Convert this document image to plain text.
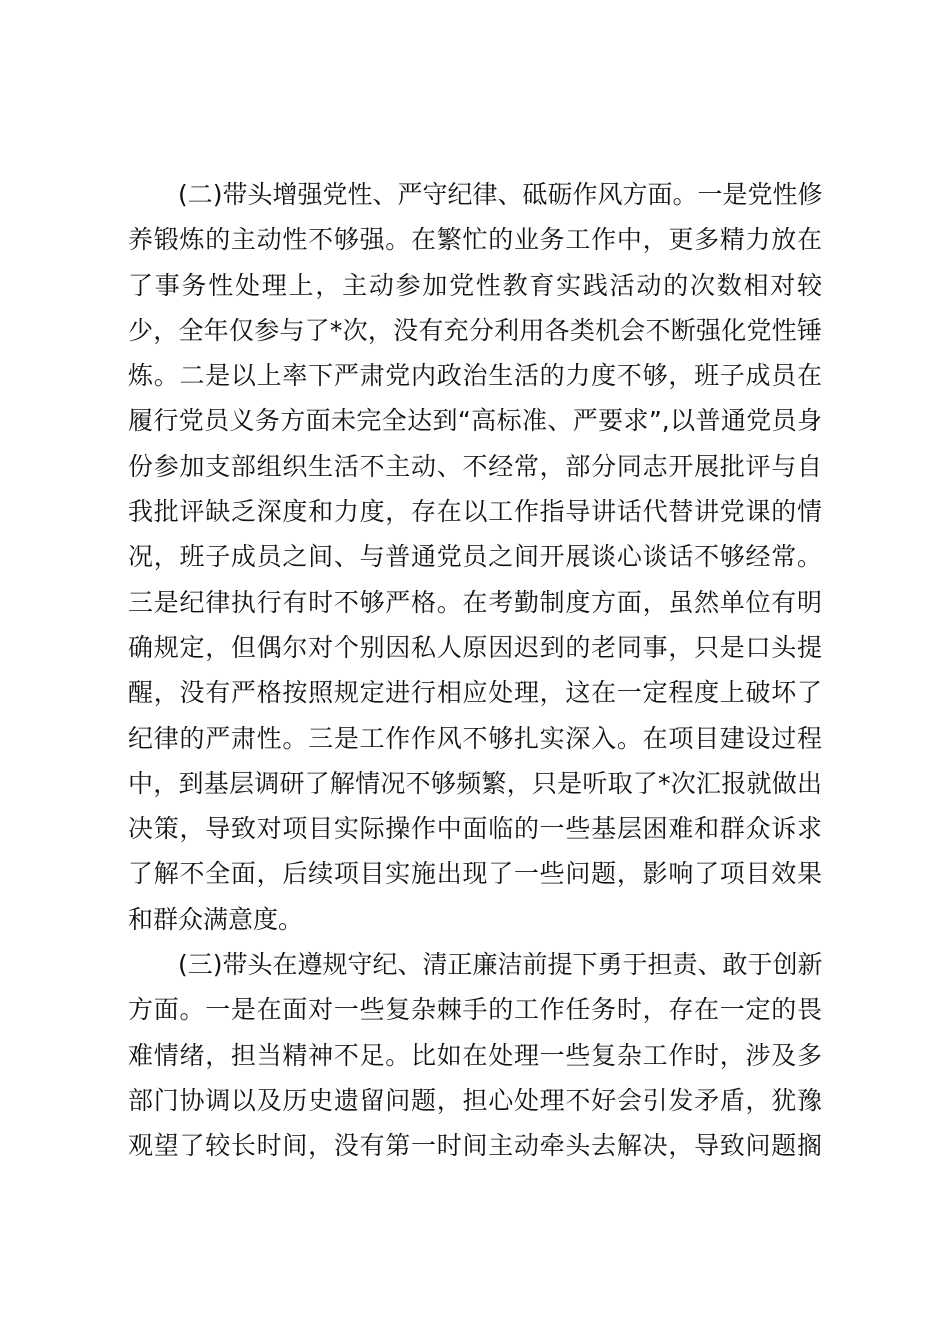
(二)带头增强党性、严守纪律、砥砺作风方面。一是党性修
养锻炼的主动性不够强。在繁忙的业务工作中，更多精力放在
了事务性处理上，主动参加党性教育实践活动的次数相对较
少，全年仅参与了*次，没有充分利用各类机会不断强化党性锤
炼。二是以上率下严肃党内政治生活的力度不够，班子成员在
履行党员义务方面未完全达到“高标准、严要求”,以普通党员身
份参加支部组织生活不主动、不经常，部分同志开展批评与自
我批评缺乏深度和力度，存在以工作指导讲话代替讲党课的情
况，班子成员之间、与普通党员之间开展谈心谈话不够经常。
三是纪律执行有时不够严格。在考勤制度方面，虽然单位有明
确规定，但偶尔对个别因私人原因迟到的老同事，只是口头提
醒，没有严格按照规定进行相应处理，这在一定程度上破坏了
纪律的严肃性。三是工作作风不够扎实深入。在项目建设过程
中，到基层调研了解情况不够频繁，只是听取了*次汇报就做出
决策，导致对项目实际操作中面临的一些基层困难和群众诉求
了解不全面，后续项目实施出现了一些问题，影响了项目效果
和群众满意度。
(三)带头在遵规守纪、清正廉洁前提下勇于担责、敢于创新
方面。一是在面对一些复杂棘手的工作任务时，存在一定的畏
难情绪，担当精神不足。比如在处理一些复杂工作时，涉及多
部门协调以及历史遗留问题，担心处理不好会引发矛盾，犹豫
观望了较长时间，没有第一时间主动牵头去解决，导致问题搁
